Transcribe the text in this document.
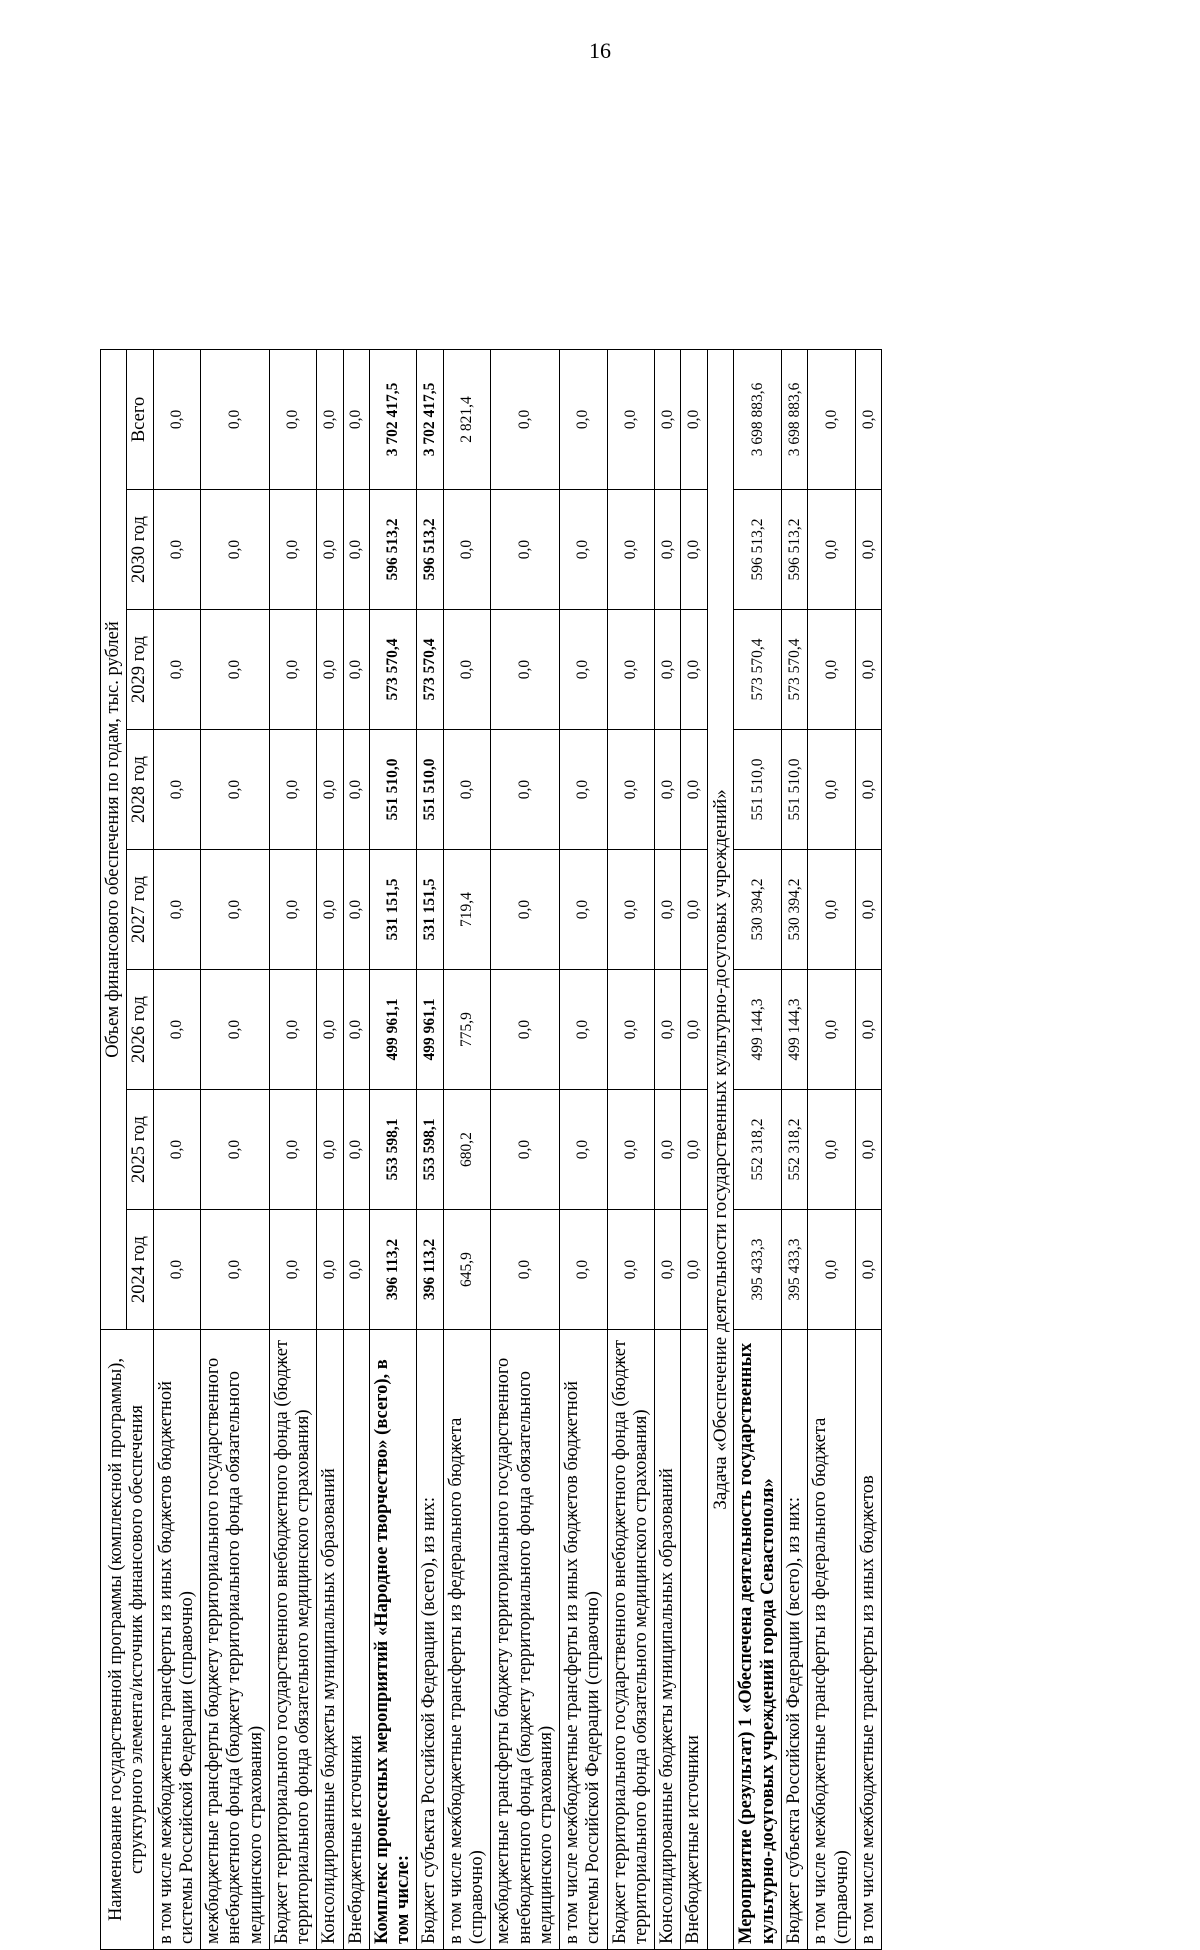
16
Наименование государственной программы (комплексной программы), структурного элемента/источник финансового обеспечения	Объем финансового обеспечения по годам, тыс. рублей							
	2024 год	2025 год	2026 год	2027 год	2028 год	2029 год	2030 год	Всего
в том числе межбюджетные трансферты из иных бюджетов бюджетной системы Российской Федерации (справочно)	0,0	0,0	0,0	0,0	0,0	0,0	0,0	0,0
межбюджетные трансферты бюджету территориального государственного внебюджетного фонда (бюджету территориального фонда обязательного медицинского страхования)	0,0	0,0	0,0	0,0	0,0	0,0	0,0	0,0
Бюджет территориального государственного внебюджетного фонда (бюджет территориального фонда обязательного медицинского страхования)	0,0	0,0	0,0	0,0	0,0	0,0	0,0	0,0
Консолидированные бюджеты муниципальных образований	0,0	0,0	0,0	0,0	0,0	0,0	0,0	0,0
Внебюджетные источники	0,0	0,0	0,0	0,0	0,0	0,0	0,0	0,0
Комплекс процессных мероприятий «Народное творчество» (всего), в том числе:	396 113,2	553 598,1	499 961,1	531 151,5	551 510,0	573 570,4	596 513,2	3 702 417,5
Бюджет субъекта Российской Федерации (всего), из них:	396 113,2	553 598,1	499 961,1	531 151,5	551 510,0	573 570,4	596 513,2	3 702 417,5
в том числе межбюджетные трансферты из федерального бюджета (справочно)	645,9	680,2	775,9	719,4	0,0	0,0	0,0	2 821,4
межбюджетные трансферты бюджету территориального государственного внебюджетного фонда (бюджету территориального фонда обязательного медицинского страхования)	0,0	0,0	0,0	0,0	0,0	0,0	0,0	0,0
в том числе межбюджетные трансферты из иных бюджетов бюджетной системы Российской Федерации (справочно)	0,0	0,0	0,0	0,0	0,0	0,0	0,0	0,0
Бюджет территориального государственного внебюджетного фонда (бюджет территориального фонда обязательного медицинского страхования)	0,0	0,0	0,0	0,0	0,0	0,0	0,0	0,0
Консолидированные бюджеты муниципальных образований	0,0	0,0	0,0	0,0	0,0	0,0	0,0	0,0
Внебюджетные источники	0,0	0,0	0,0	0,0	0,0	0,0	0,0	0,0
Задача «Обеспечение деятельности государственных культурно-досуговых учреждений»								
Мероприятие (результат) 1 «Обеспечена деятельность государственных культурно-досуговых учреждений города Севастополя»	395 433,3	552 318,2	499 144,3	530 394,2	551 510,0	573 570,4	596 513,2	3 698 883,6
Бюджет субъекта Российской Федерации (всего), из них:	395 433,3	552 318,2	499 144,3	530 394,2	551 510,0	573 570,4	596 513,2	3 698 883,6
в том числе межбюджетные трансферты из федерального бюджета (справочно)	0,0	0,0	0,0	0,0	0,0	0,0	0,0	0,0
в том числе межбюджетные трансферты из иных бюджетов	0,0	0,0	0,0	0,0	0,0	0,0	0,0	0,0
